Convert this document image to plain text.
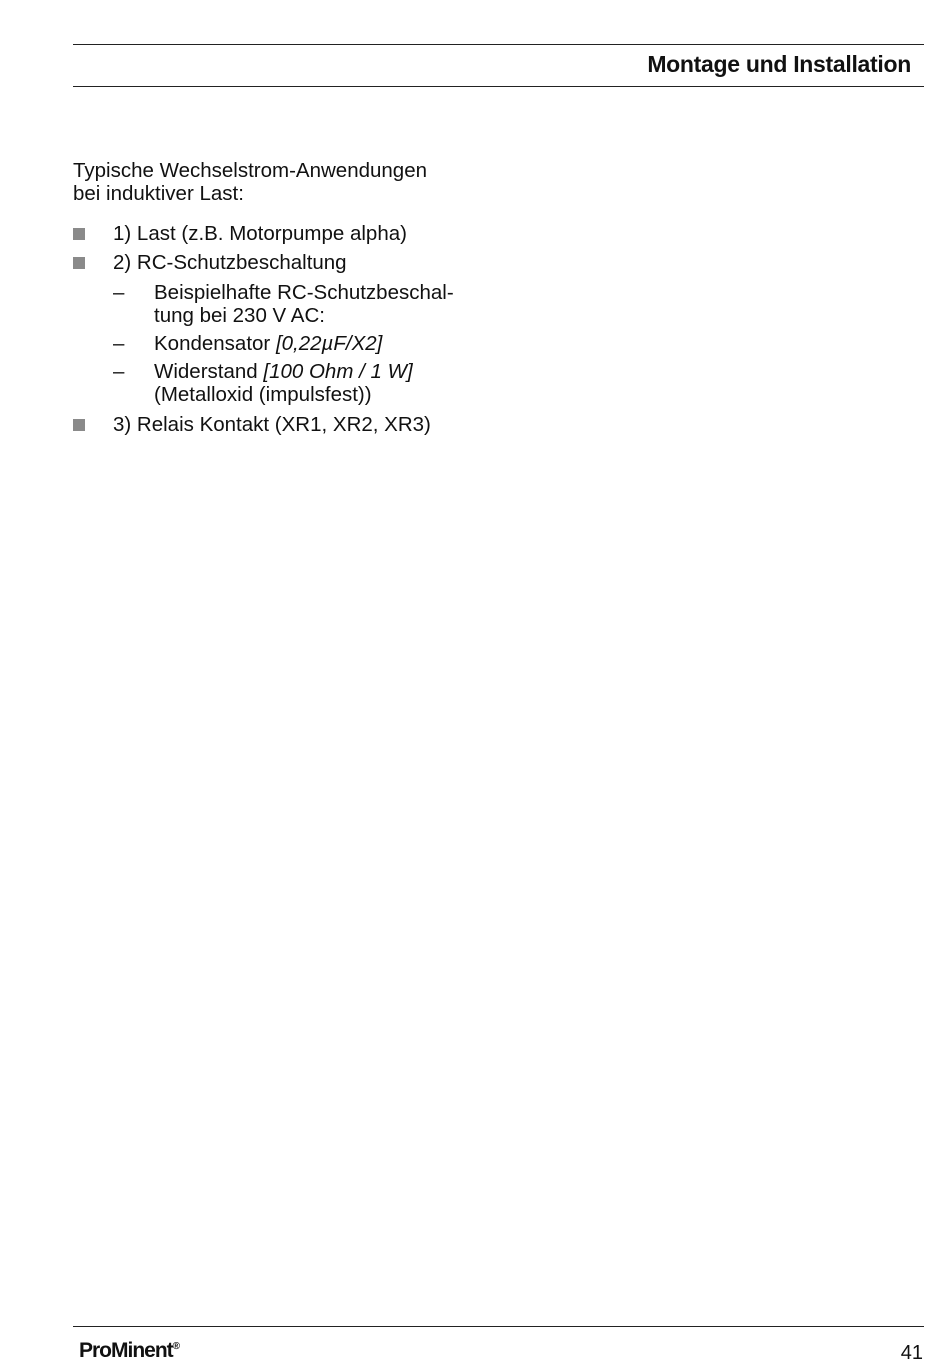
Montage und Installation

Typische Wechselstrom-Anwendungen

bei induktiver Last:

1) Last (z.B. Motorpumpe alpha)
2) RC-Schutzbeschaltung
– Beispielhafte RC-Schutzbeschal-
tung bei 230 V AC:
– Kondensator [0,22µF/X2]
– Widerstand [100 Ohm / 1 W]
(Metalloxid (impulsfest))
3) Relais Kontakt (XR1, XR2, XR3)
ProMinent®	41
